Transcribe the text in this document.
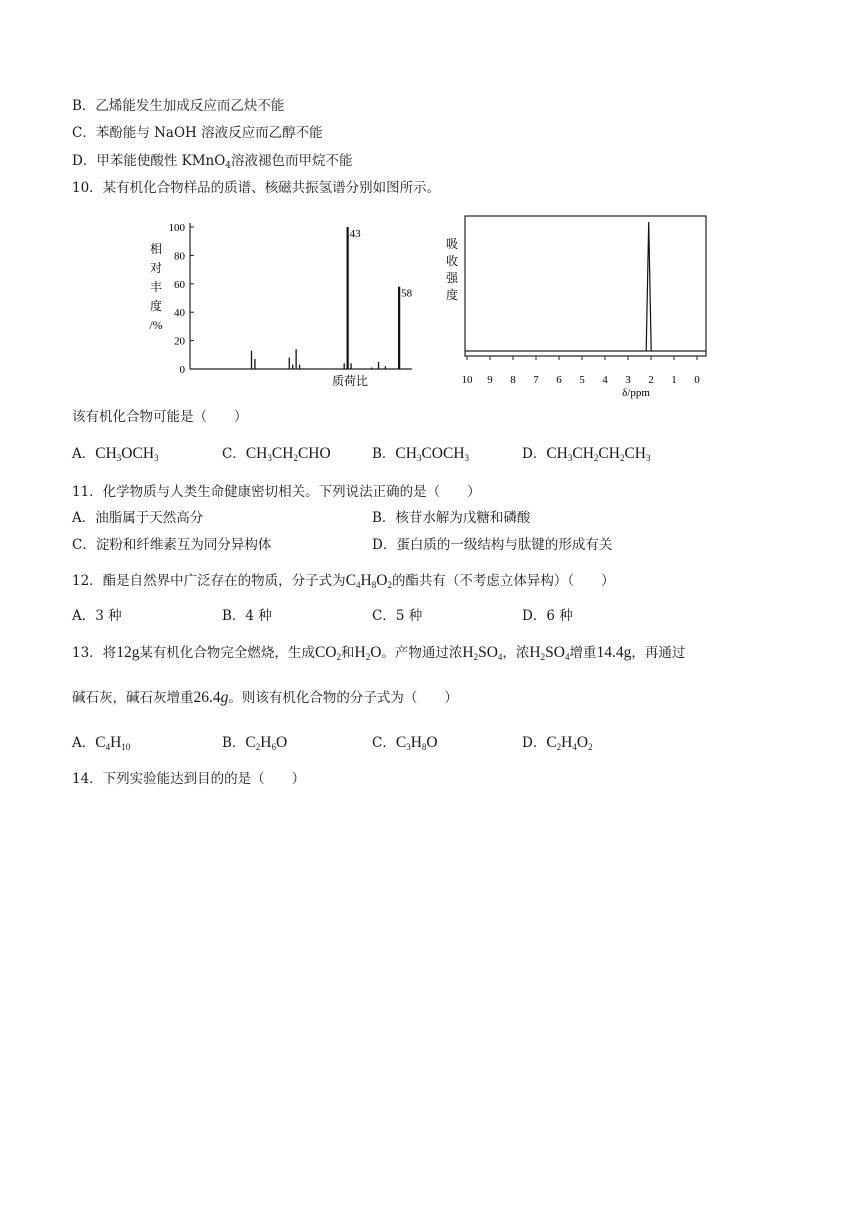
B．乙烯能发生加成反应而乙炔不能
C．苯酚能与 NaOH 溶液反应而乙醇不能
D．甲苯能使酸性 KMnO$_4$溶液褪色而甲烷不能
10．某有机化合物样品的质谱、核磁共振氢谱分别如图所示。
相
对
丰
度
/%
100
80
60
40
20
0
43
58
质荷比
吸
收
强
度
10 9 8 7 6 5 4 3 2 1 0
δ/ppm
该有机化合物可能是（　　）
A．$CH_3OCH_3$	C．$CH_3CH_2CHO$	B．$CH_3COCH_3$	D．$CH_3CH_2CH_2CH_3$
11．化学物质与人类生命健康密切相关。下列说法正确的是（　　）
A．油脂属于天然高分	B．核苷水解为戊糖和磷酸
C．淀粉和纤维素互为同分异构体	D．蛋白质的一级结构与肽键的形成有关
12．酯是自然界中广泛存在的物质，分子式为$C_4H_8O_2$的酯共有（不考虑立体异构）（　　）
A．3 种	B．4 种	C．5 种	D．6 种
13．将12g某有机化合物完全燃烧，生成$CO_2$和$H_2O$。产物通过浓$H_2SO_4$，浓$H_2SO_4$增重14.4g，再通过
碱石灰，碱石灰增重26.4g。则该有机化合物的分子式为（　　）
A．$C_4H_{10}$	B．$C_2H_6O$	C．$C_3H_8O$	D．$C_2H_4O_2$
14．下列实验能达到目的的是（　　）
